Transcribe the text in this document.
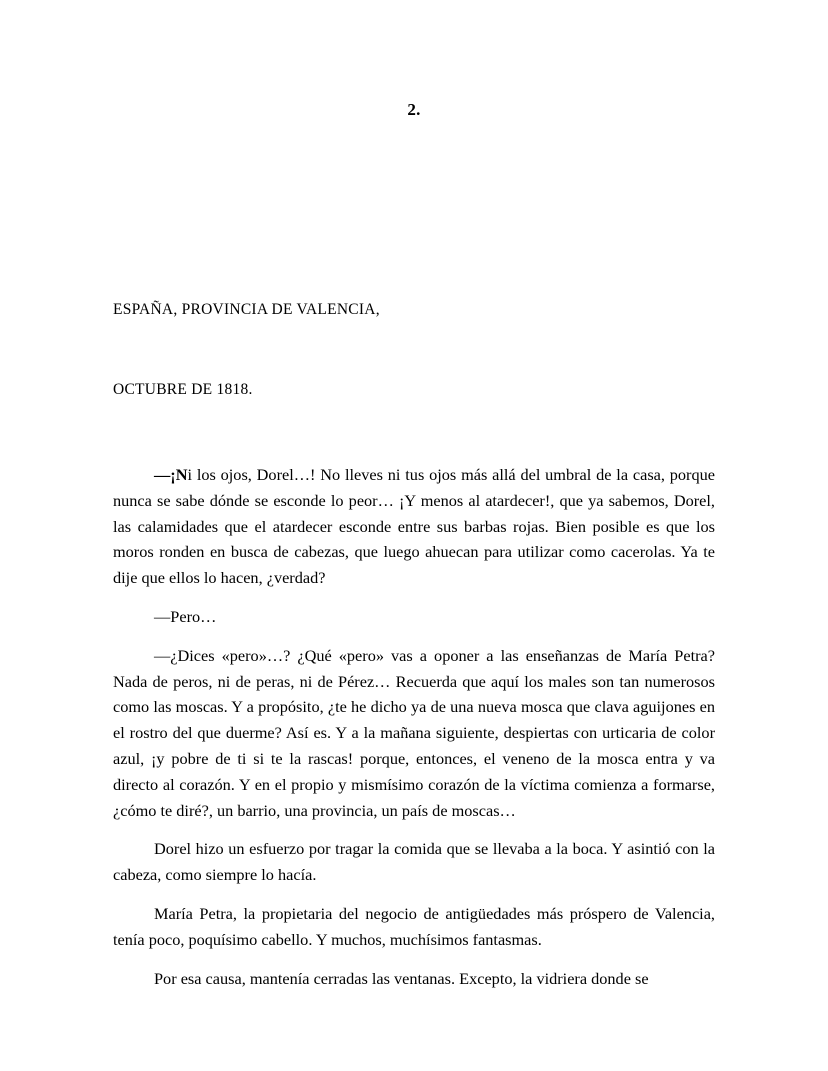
2.
ESPAÑA, PROVINCIA DE VALENCIA,
OCTUBRE DE 1818.

—¡Ni los ojos, Dorel…! No lleves ni tus ojos más allá del umbral de la casa, porque nunca se sabe dónde se esconde lo peor… ¡Y menos al atardecer!, que ya sabemos, Dorel, las calamidades que el atardecer esconde entre sus barbas rojas. Bien posible es que los moros ronden en busca de cabezas, que luego ahuecan para utilizar como cacerolas. Ya te dije que ellos lo hacen, ¿verdad?

—Pero…

—¿Dices «pero»…? ¿Qué «pero» vas a oponer a las enseñanzas de María Petra? Nada de peros, ni de peras, ni de Pérez… Recuerda que aquí los males son tan numerosos como las moscas. Y a propósito, ¿te he dicho ya de una nueva mosca que clava aguijones en el rostro del que duerme? Así es. Y a la mañana siguiente, despiertas con urticaria de color azul, ¡y pobre de ti si te la rascas! porque, entonces, el veneno de la mosca entra y va directo al corazón. Y en el propio y mismísimo corazón de la víctima comienza a formarse, ¿cómo te diré?, un barrio, una provincia, un país de moscas…

Dorel hizo un esfuerzo por tragar la comida que se llevaba a la boca. Y asintió con la cabeza, como siempre lo hacía.

María Petra, la propietaria del negocio de antigüedades más próspero de Valencia, tenía poco, poquísimo cabello. Y muchos, muchísimos fantasmas.

Por esa causa, mantenía cerradas las ventanas. Excepto, la vidriera donde se
